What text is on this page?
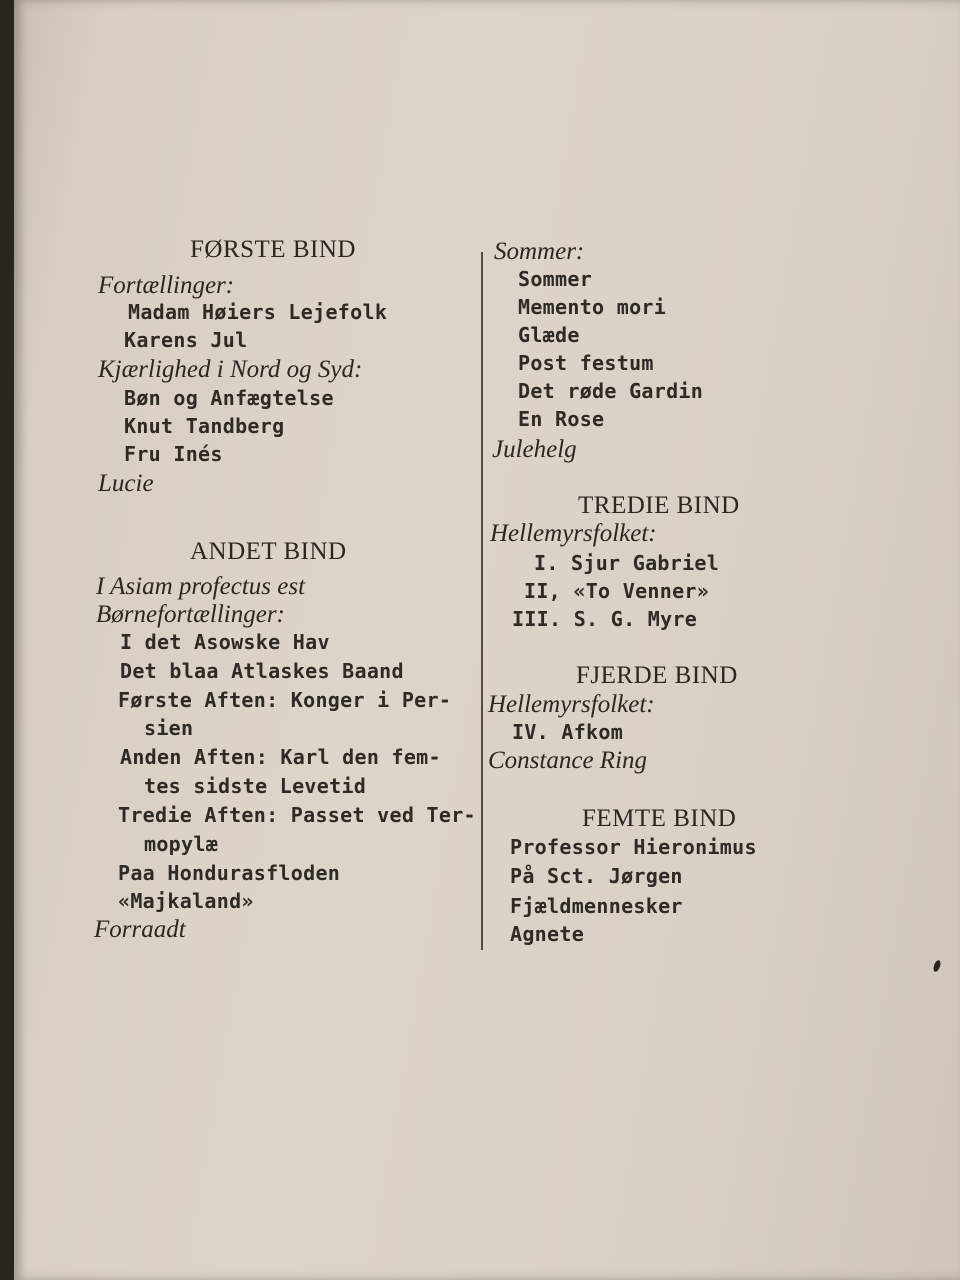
FØRSTE BIND
Fortællinger:
Madam Høiers Lejefolk
Karens Jul
Kjærlighed i Nord og Syd:
Bøn og Anfægtelse
Knut Tandberg
Fru Inés
Lucie
ANDET BIND
I Asiam profectus est
Børnefortællinger:
I det Asowske Hav
Det blaa Atlaskes Baand
Første Aften: Konger i Per-
sien
Anden Aften: Karl den fem-
tes sidste Levetid
Tredie Aften: Passet ved Ter-
mopylæ
Paa Hondurasfloden
«Majkaland»
Forraadt
Sommer:
Sommer
Memento mori
Glæde
Post festum
Det røde Gardin
En Rose
Julehelg
TREDIE BIND
Hellemyrsfolket:
I. Sjur Gabriel
II, «To Venner»
III. S. G. Myre
FJERDE BIND
Hellemyrsfolket:
IV. Afkom
Constance Ring
FEMTE BIND
Professor Hieronimus
På Sct. Jørgen
Fjældmennesker
Agnete
